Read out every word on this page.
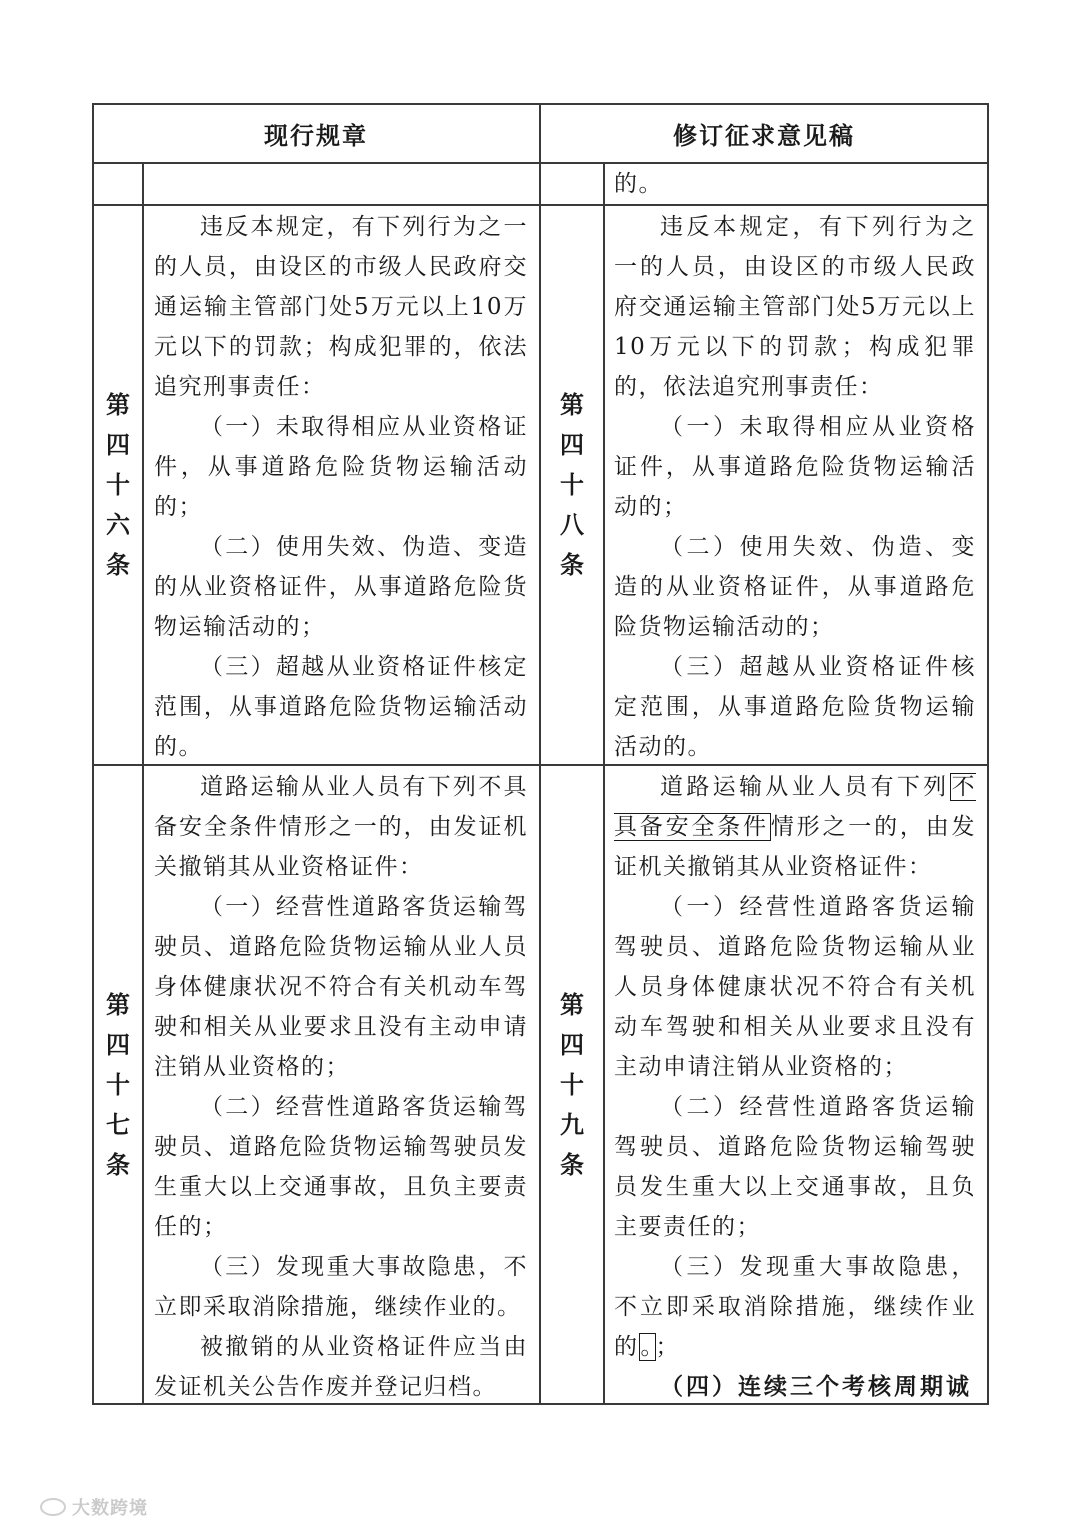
现行规章	修订征求意见稿

的。

第
四
十
六
条
第
四
十
八
条

违反本规定，有下列行为之一的人员，由设区的市级人民政府交通运输主管部门处5万元以上10万元以下的罚款；构成犯罪的，依法追究刑事责任：

（一）未取得相应从业资格证件，从事道路危险货物运输活动的；

（二）使用失效、伪造、变造的从业资格证件，从事道路危险货物运输活动的；

（三）超越从业资格证件核定范围，从事道路危险货物运输活动的。

违反本规定，有下列行为之一的人员，由设区的市级人民政府交通运输主管部门处5万元以上10万元以下的罚款；构成犯罪的，依法追究刑事责任：

（一）未取得相应从业资格证件，从事道路危险货物运输活动的；

（二）使用失效、伪造、变造的从业资格证件，从事道路危险货物运输活动的；

（三）超越从业资格证件核定范围，从事道路危险货物运输活动的。

第
四
十
七
条
第
四
十
九
条

道路运输从业人员有下列不具备安全条件情形之一的，由发证机关撤销其从业资格证件：

（一）经营性道路客货运输驾驶员、道路危险货物运输从业人员身体健康状况不符合有关机动车驾驶和相关从业要求且没有主动申请注销从业资格的；

（二）经营性道路客货运输驾驶员、道路危险货物运输驾驶员发生重大以上交通事故，且负主要责任的；

（三）发现重大事故隐患，不立即采取消除措施，继续作业的。

被撤销的从业资格证件应当由发证机关公告作废并登记归档。

道路运输从业人员有下列不具备安全条件情形之一的，由发证机关撤销其从业资格证件：

（一）经营性道路客货运输驾驶员、道路危险货物运输从业人员身体健康状况不符合有关机动车驾驶和相关从业要求且没有主动申请注销从业资格的；

（二）经营性道路客货运输驾驶员、道路危险货物运输驾驶员发生重大以上交通事故，且负主要责任的；

（三）发现重大事故隐患，不立即采取消除措施，继续作业的。；

（四）连续三个考核周期诚

大数跨境
